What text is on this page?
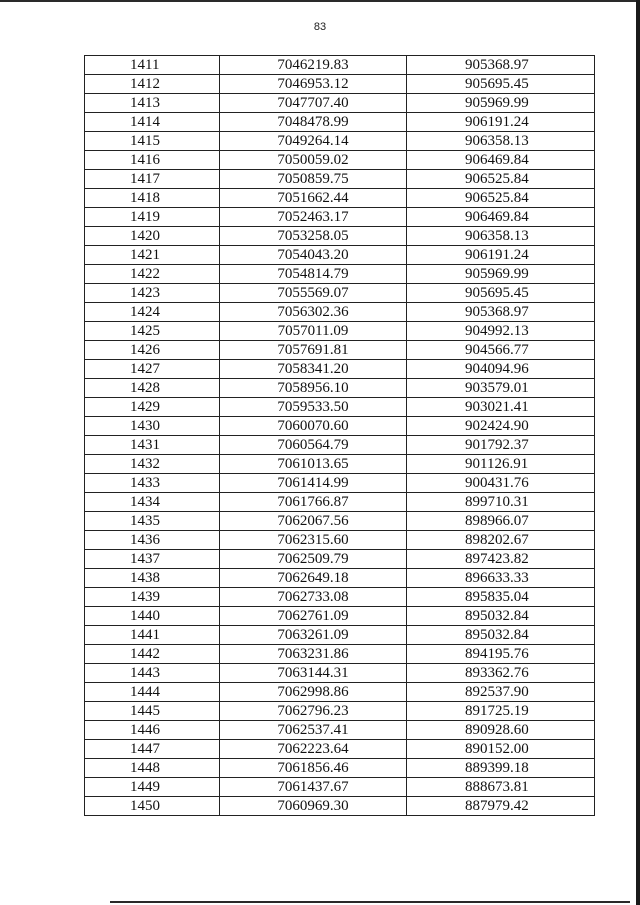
83
1411	7046219.83	905368.97
1412	7046953.12	905695.45
1413	7047707.40	905969.99
1414	7048478.99	906191.24
1415	7049264.14	906358.13
1416	7050059.02	906469.84
1417	7050859.75	906525.84
1418	7051662.44	906525.84
1419	7052463.17	906469.84
1420	7053258.05	906358.13
1421	7054043.20	906191.24
1422	7054814.79	905969.99
1423	7055569.07	905695.45
1424	7056302.36	905368.97
1425	7057011.09	904992.13
1426	7057691.81	904566.77
1427	7058341.20	904094.96
1428	7058956.10	903579.01
1429	7059533.50	903021.41
1430	7060070.60	902424.90
1431	7060564.79	901792.37
1432	7061013.65	901126.91
1433	7061414.99	900431.76
1434	7061766.87	899710.31
1435	7062067.56	898966.07
1436	7062315.60	898202.67
1437	7062509.79	897423.82
1438	7062649.18	896633.33
1439	7062733.08	895835.04
1440	7062761.09	895032.84
1441	7063261.09	895032.84
1442	7063231.86	894195.76
1443	7063144.31	893362.76
1444	7062998.86	892537.90
1445	7062796.23	891725.19
1446	7062537.41	890928.60
1447	7062223.64	890152.00
1448	7061856.46	889399.18
1449	7061437.67	888673.81
1450	7060969.30	887979.42
